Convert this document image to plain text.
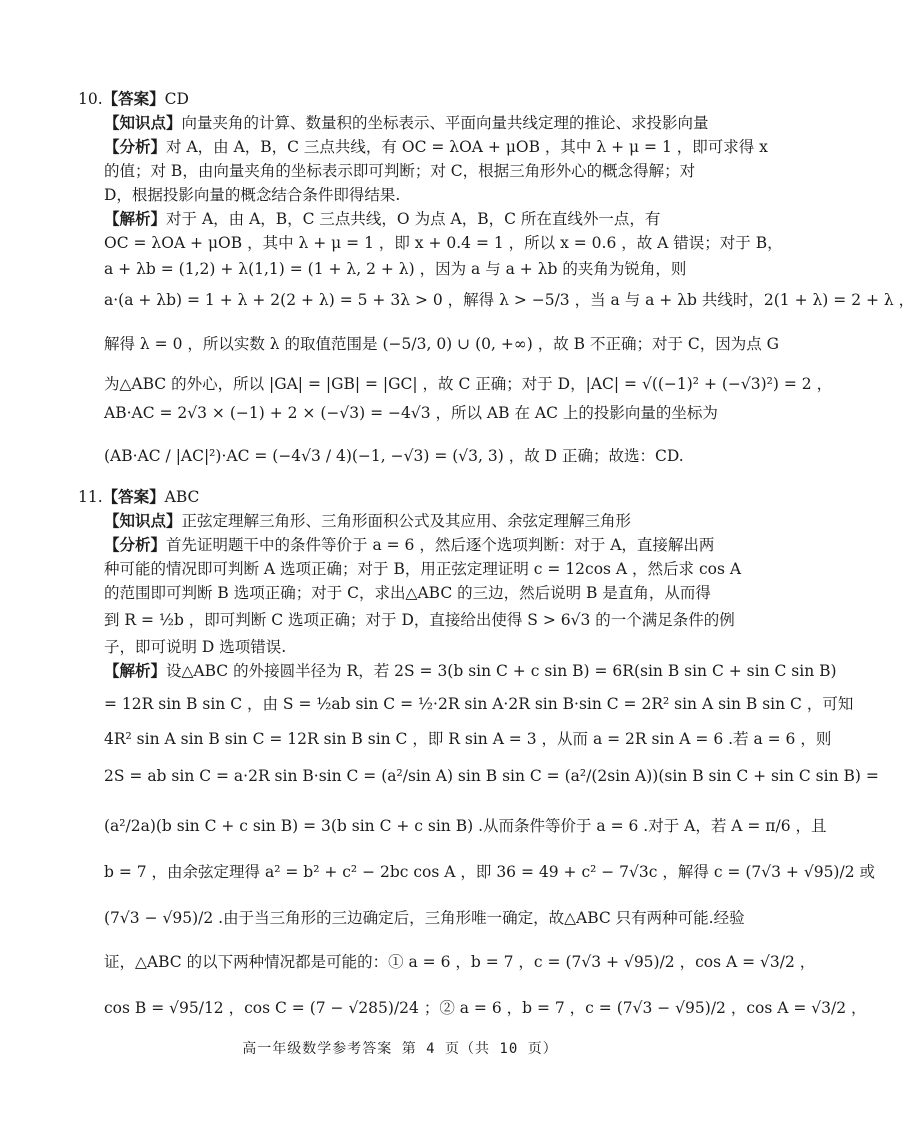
10.【答案】CD
【知识点】向量夹角的计算、数量积的坐标表示、平面向量共线定理的推论、求投影向量
【分析】对 A，由 A，B，C 三点共线，有 OC = λOA + μOB ，其中 λ + μ = 1 ，即可求得 x
的值；对 B，由向量夹角的坐标表示即可判断；对 C，根据三角形外心的概念得解；对
D，根据投影向量的概念结合条件即得结果.
【解析】对于 A，由 A，B，C 三点共线，O 为点 A，B，C 所在直线外一点，有
OC = λOA + μOB ，其中 λ + μ = 1 ，即 x + 0.4 = 1 ，所以 x = 0.6 ，故 A 错误；对于 B，
a + λb = (1,2) + λ(1,1) = (1 + λ, 2 + λ) ，因为 a 与 a + λb 的夹角为锐角，则
a·(a + λb) = 1 + λ + 2(2 + λ) = 5 + 3λ > 0 ，解得 λ > −5/3 ，当 a 与 a + λb 共线时，2(1 + λ) = 2 + λ ，
解得 λ = 0 ，所以实数 λ 的取值范围是 (−5/3, 0) ∪ (0, +∞) ，故 B 不正确；对于 C，因为点 G
为△ABC 的外心，所以 |GA| = |GB| = |GC| ，故 C 正确；对于 D，|AC| = √((−1)² + (−√3)²) = 2 ，
AB·AC = 2√3 × (−1) + 2 × (−√3) = −4√3 ，所以 AB 在 AC 上的投影向量的坐标为
(AB·AC / |AC|²)·AC = (−4√3 / 4)(−1, −√3) = (√3, 3) ，故 D 正确；故选：CD.
11.【答案】ABC
【知识点】正弦定理解三角形、三角形面积公式及其应用、余弦定理解三角形
【分析】首先证明题干中的条件等价于 a = 6 ，然后逐个选项判断：对于 A，直接解出两
种可能的情况即可判断 A 选项正确；对于 B，用正弦定理证明 c = 12cos A ，然后求 cos A
的范围即可判断 B 选项正确；对于 C，求出△ABC 的三边，然后说明 B 是直角，从而得
到 R = ½b ，即可判断 C 选项正确；对于 D，直接给出使得 S > 6√3 的一个满足条件的例
子，即可说明 D 选项错误.
【解析】设△ABC 的外接圆半径为 R，若 2S = 3(b sin C + c sin B) = 6R(sin B sin C + sin C sin B)
= 12R sin B sin C ，由 S = ½ab sin C = ½·2R sin A·2R sin B·sin C = 2R² sin A sin B sin C ，可知
4R² sin A sin B sin C = 12R sin B sin C ，即 R sin A = 3 ，从而 a = 2R sin A = 6 .若 a = 6 ，则
2S = ab sin C = a·2R sin B·sin C = (a²/sin A) sin B sin C = (a²/(2sin A))(sin B sin C + sin C sin B) =
(a²/2a)(b sin C + c sin B) = 3(b sin C + c sin B) .从而条件等价于 a = 6 .对于 A，若 A = π/6 ，且
b = 7 ，由余弦定理得 a² = b² + c² − 2bc cos A ，即 36 = 49 + c² − 7√3c ，解得 c = (7√3 + √95)/2 或
(7√3 − √95)/2 .由于当三角形的三边确定后，三角形唯一确定，故△ABC 只有两种可能.经验
证，△ABC 的以下两种情况都是可能的：① a = 6 ，b = 7 ，c = (7√3 + √95)/2 ，cos A = √3/2 ，
cos B = √95/12 ，cos C = (7 − √285)/24 ；② a = 6 ，b = 7 ，c = (7√3 − √95)/2 ，cos A = √3/2 ，
高一年级数学参考答案 第 4 页（共 10 页）
